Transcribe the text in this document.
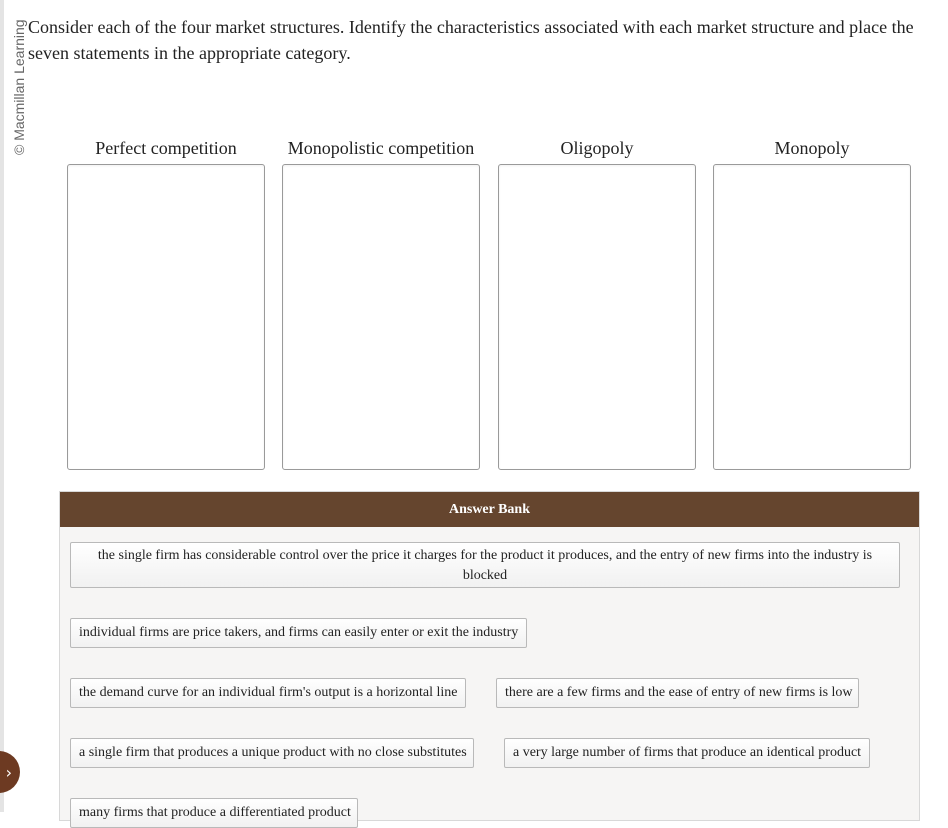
© Macmillan Learning Consider each of the four market structures. Identify the characteristics associated with each market structure and place the seven statements in the appropriate category.
Perfect competition	Monopolistic competition	Oligopoly	Monopoly
Answer Bank
the single firm has considerable control over the price it charges for the product it produces, and the entry of new firms into the industry is blocked
individual firms are price takers, and firms can easily enter or exit the industry
the demand curve for an individual firm's output is a horizontal line	there are a few firms and the ease of entry of new firms is low
a single firm that produces a unique product with no close substitutes	a very large number of firms that produce an identical product
many firms that produce a differentiated product
›
